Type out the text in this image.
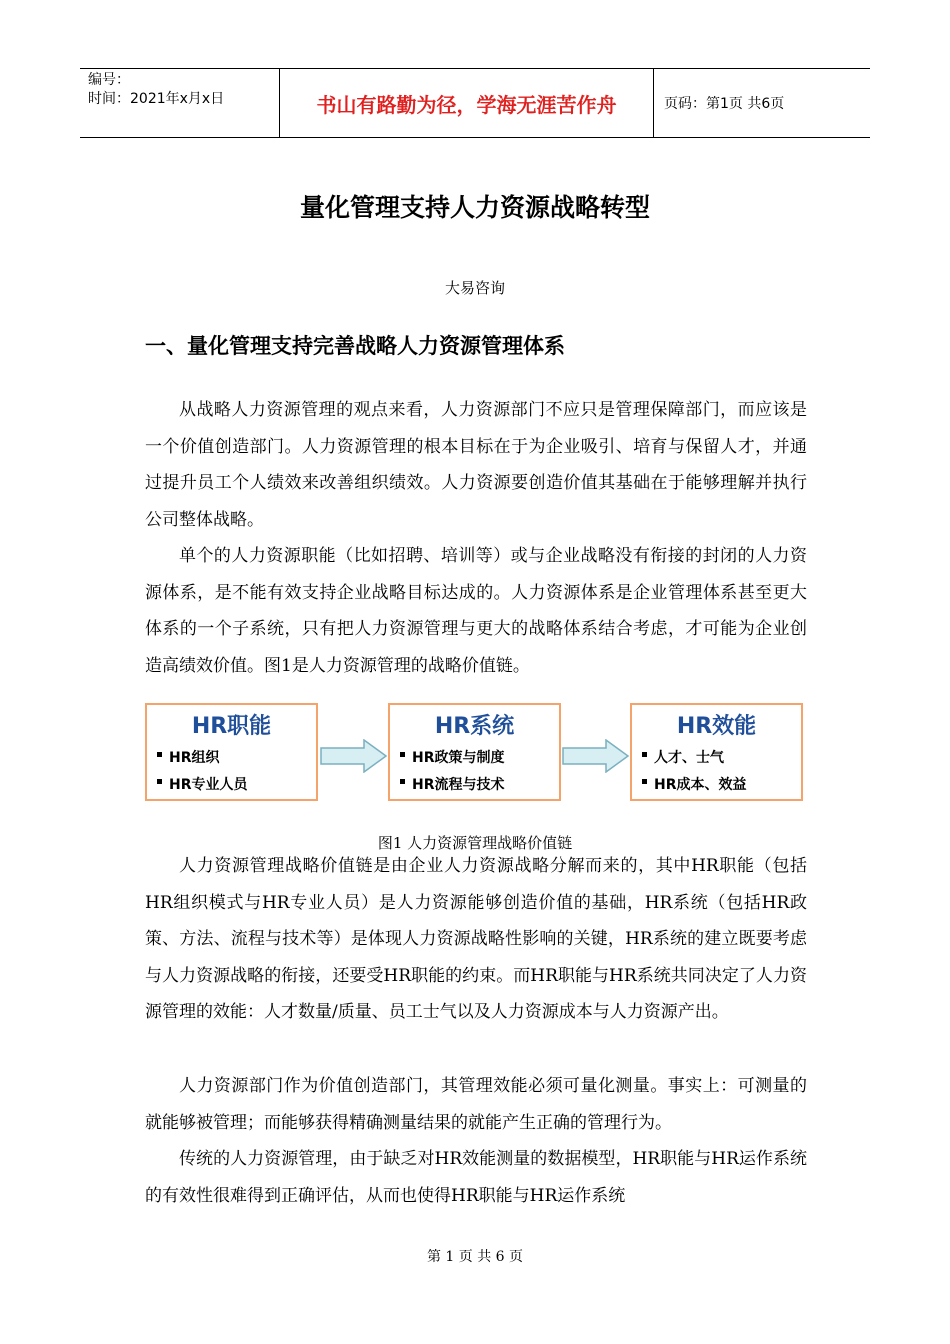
编号：
时间：2021年x月x日	书山有路勤为径，学海无涯苦作舟	页码：第1页 共6页
量化管理支持人力资源战略转型
大易咨询
一、量化管理支持完善战略人力资源管理体系

从战略人力资源管理的观点来看，人力资源部门不应只是管理保障部门，而应该是一个价值创造部门。人力资源管理的根本目标在于为企业吸引、培育与保留人才，并通过提升员工个人绩效来改善组织绩效。人力资源要创造价值其基础在于能够理解并执行公司整体战略。

单个的人力资源职能（比如招聘、培训等）或与企业战略没有衔接的封闭的人力资源体系，是不能有效支持企业战略目标达成的。人力资源体系是企业管理体系甚至更大体系的一个子系统，只有把人力资源管理与更大的战略体系结合考虑，才可能为企业创造高绩效价值。图1是人力资源管理的战略价值链。

HR职能
HR组织
HR专业人员
HR系统
HR政策与制度
HR流程与技术
HR效能
人才、士气
HR成本、效益
图1 人力资源管理战略价值链

人力资源管理战略价值链是由企业人力资源战略分解而来的，其中HR职能（包括HR组织模式与HR专业人员）是人力资源能够创造价值的基础，HR系统（包括HR政策、方法、流程与技术等）是体现人力资源战略性影响的关键，HR系统的建立既要考虑与人力资源战略的衔接，还要受HR职能的约束。而HR职能与HR系统共同决定了人力资源管理的效能：人才数量/质量、员工士气以及人力资源成本与人力资源产出。

人力资源部门作为价值创造部门，其管理效能必须可量化测量。事实上：可测量的就能够被管理；而能够获得精确测量结果的就能产生正确的管理行为。

传统的人力资源管理，由于缺乏对HR效能测量的数据模型，HR职能与HR运作系统的有效性很难得到正确评估，从而也使得HR职能与HR运作系统

第 1 页 共 6 页
